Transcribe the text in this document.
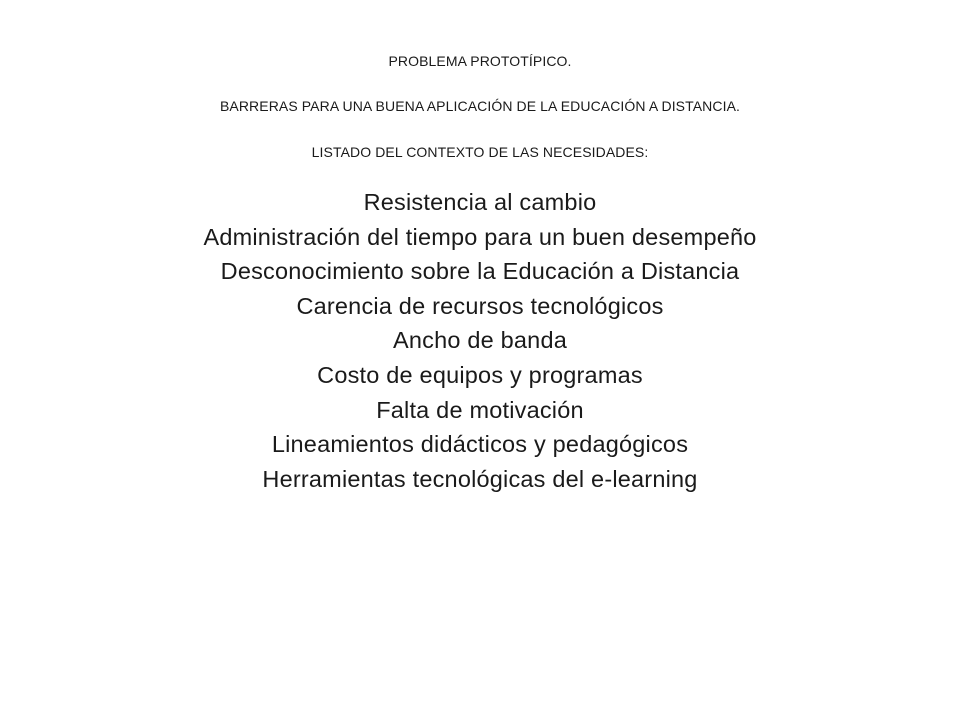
PROBLEMA PROTOTÍPICO.
BARRERAS PARA UNA BUENA APLICACIÓN DE LA EDUCACIÓN A DISTANCIA.
LISTADO DEL CONTEXTO DE LAS NECESIDADES:
Resistencia al cambio
Administración del tiempo para un buen desempeño
Desconocimiento sobre la Educación a Distancia
Carencia de recursos tecnológicos
Ancho de banda
Costo de equipos y programas
Falta de motivación
Lineamientos didácticos y pedagógicos
Herramientas tecnológicas del e-learning
